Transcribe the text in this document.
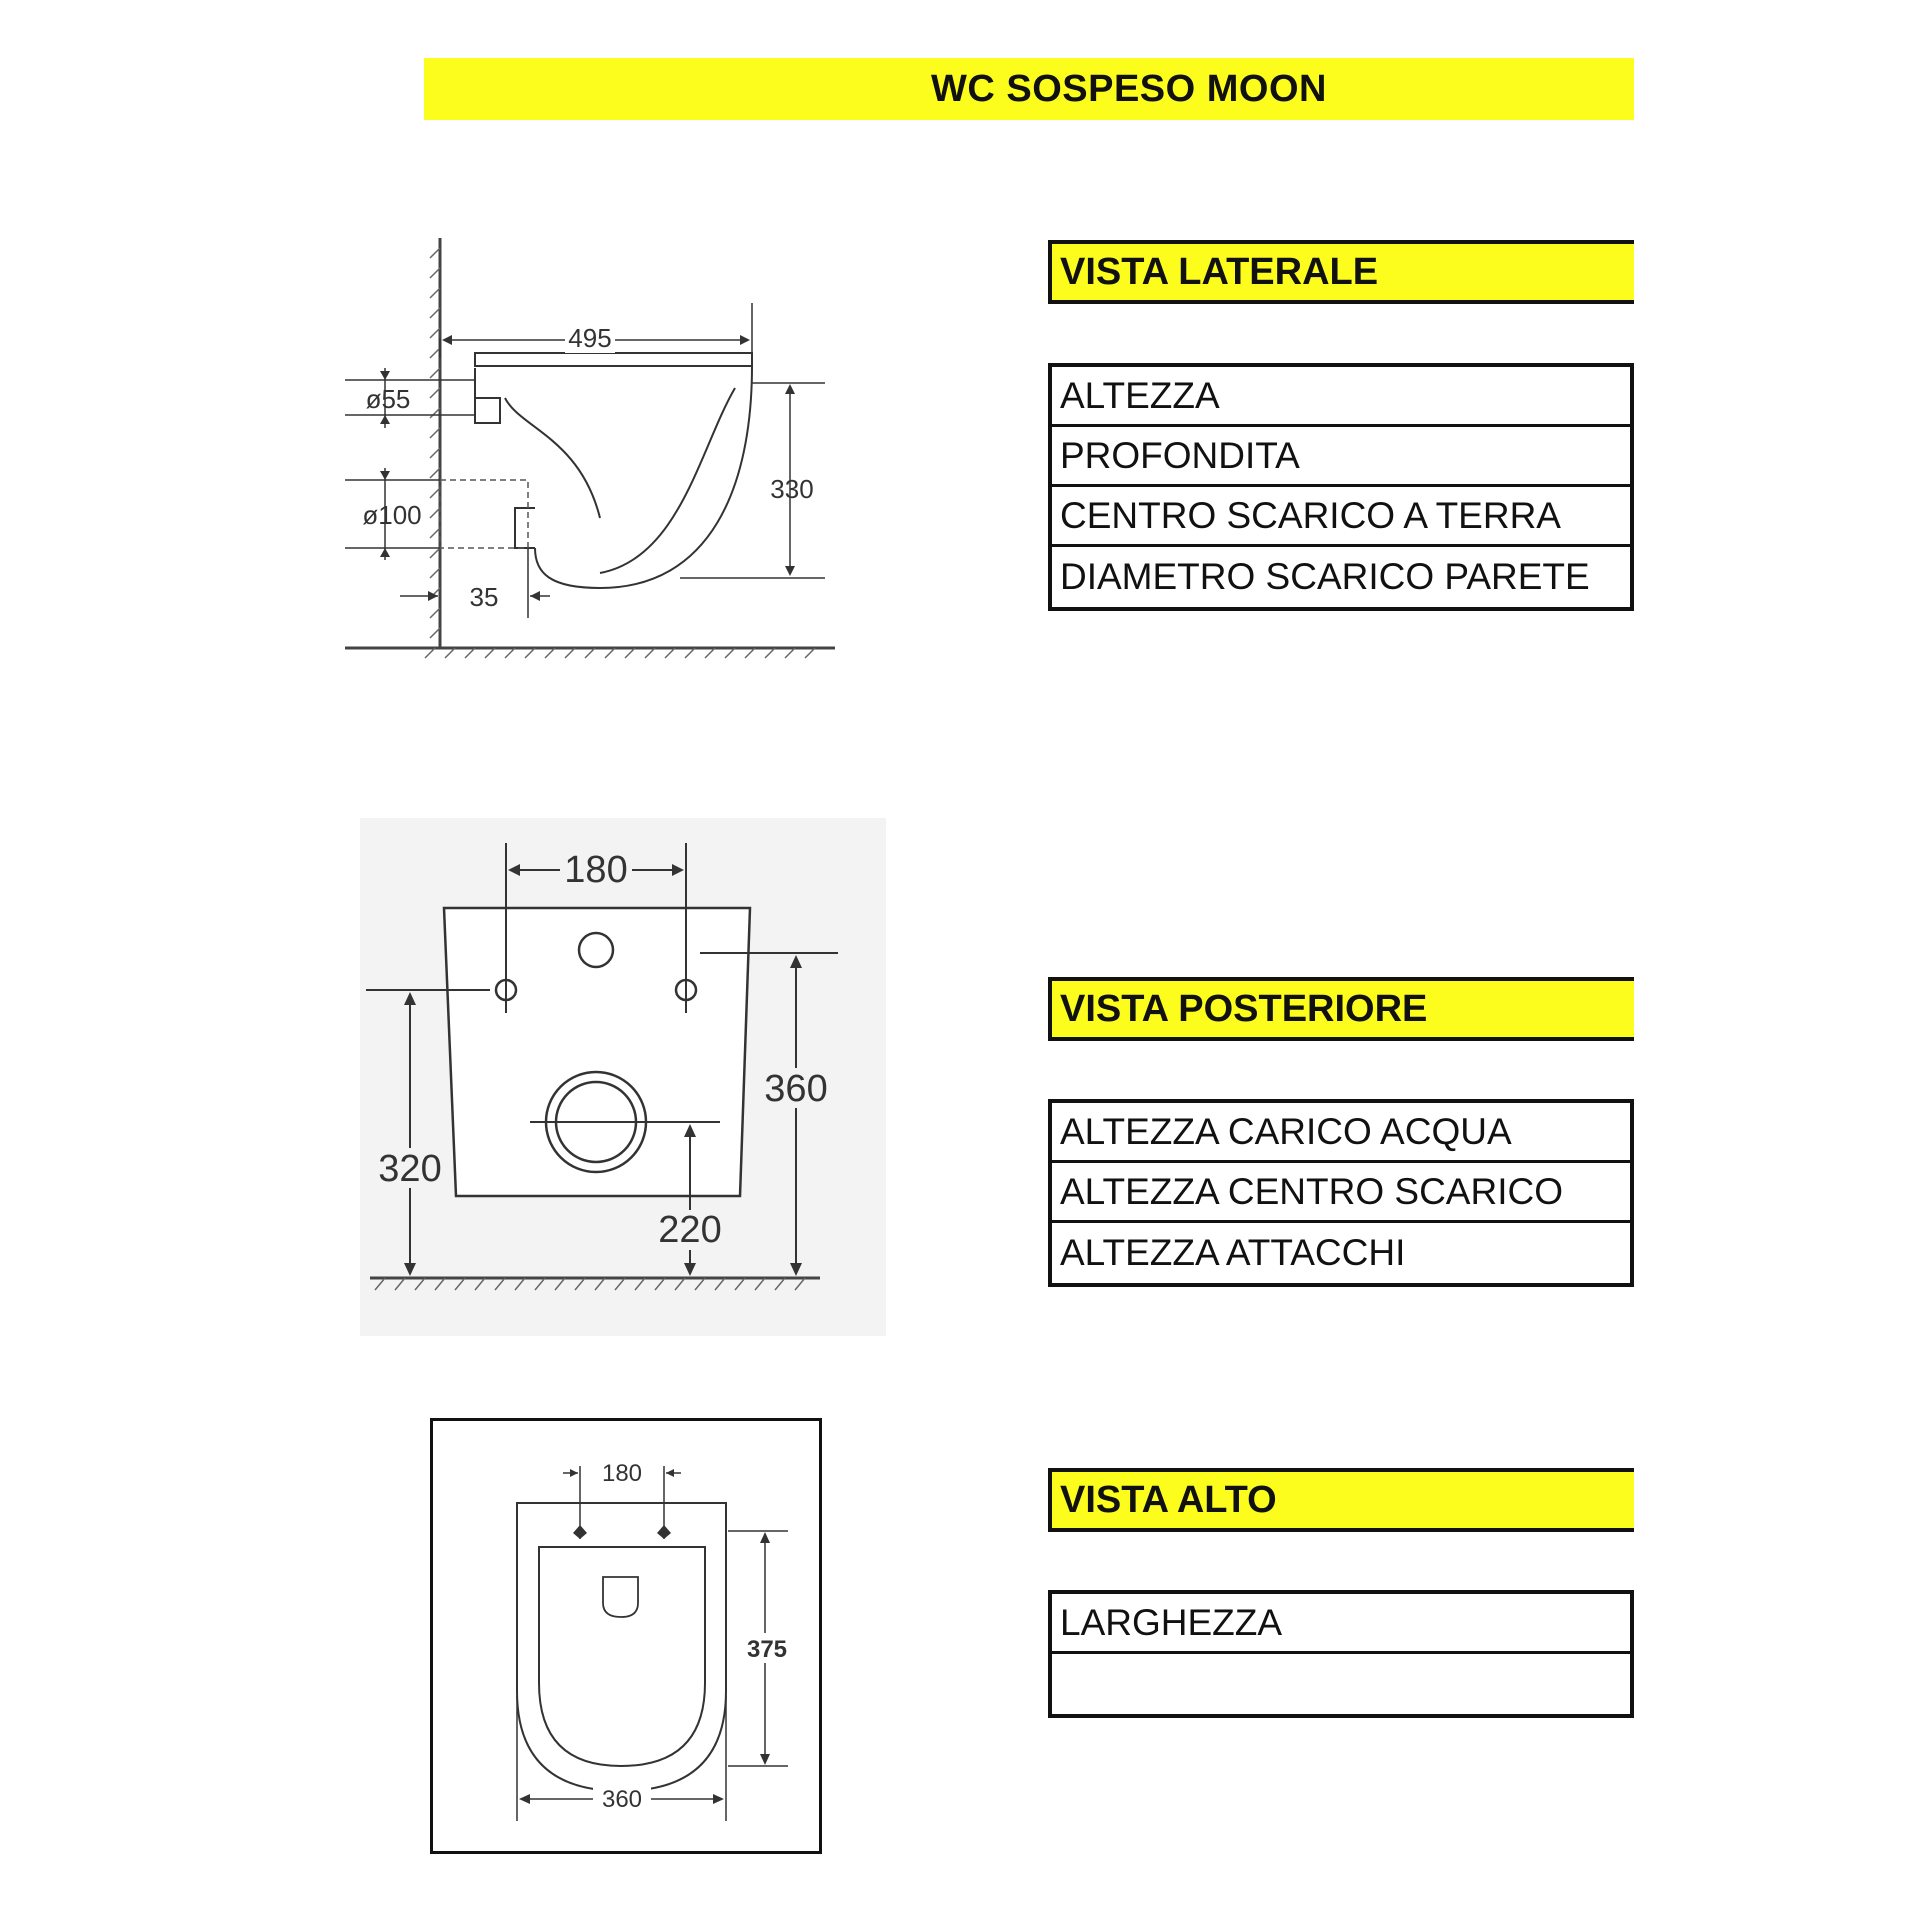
WC SOSPESO MOON
495
330
ø55
ø100
35
180
360
320
220
180
375
360
VISTA LATERALE
ALTEZZA
PROFONDITA
CENTRO SCARICO A TERRA
DIAMETRO SCARICO PARETE
VISTA POSTERIORE
ALTEZZA CARICO ACQUA
ALTEZZA CENTRO SCARICO
ALTEZZA ATTACCHI
VISTA ALTO
LARGHEZZA
